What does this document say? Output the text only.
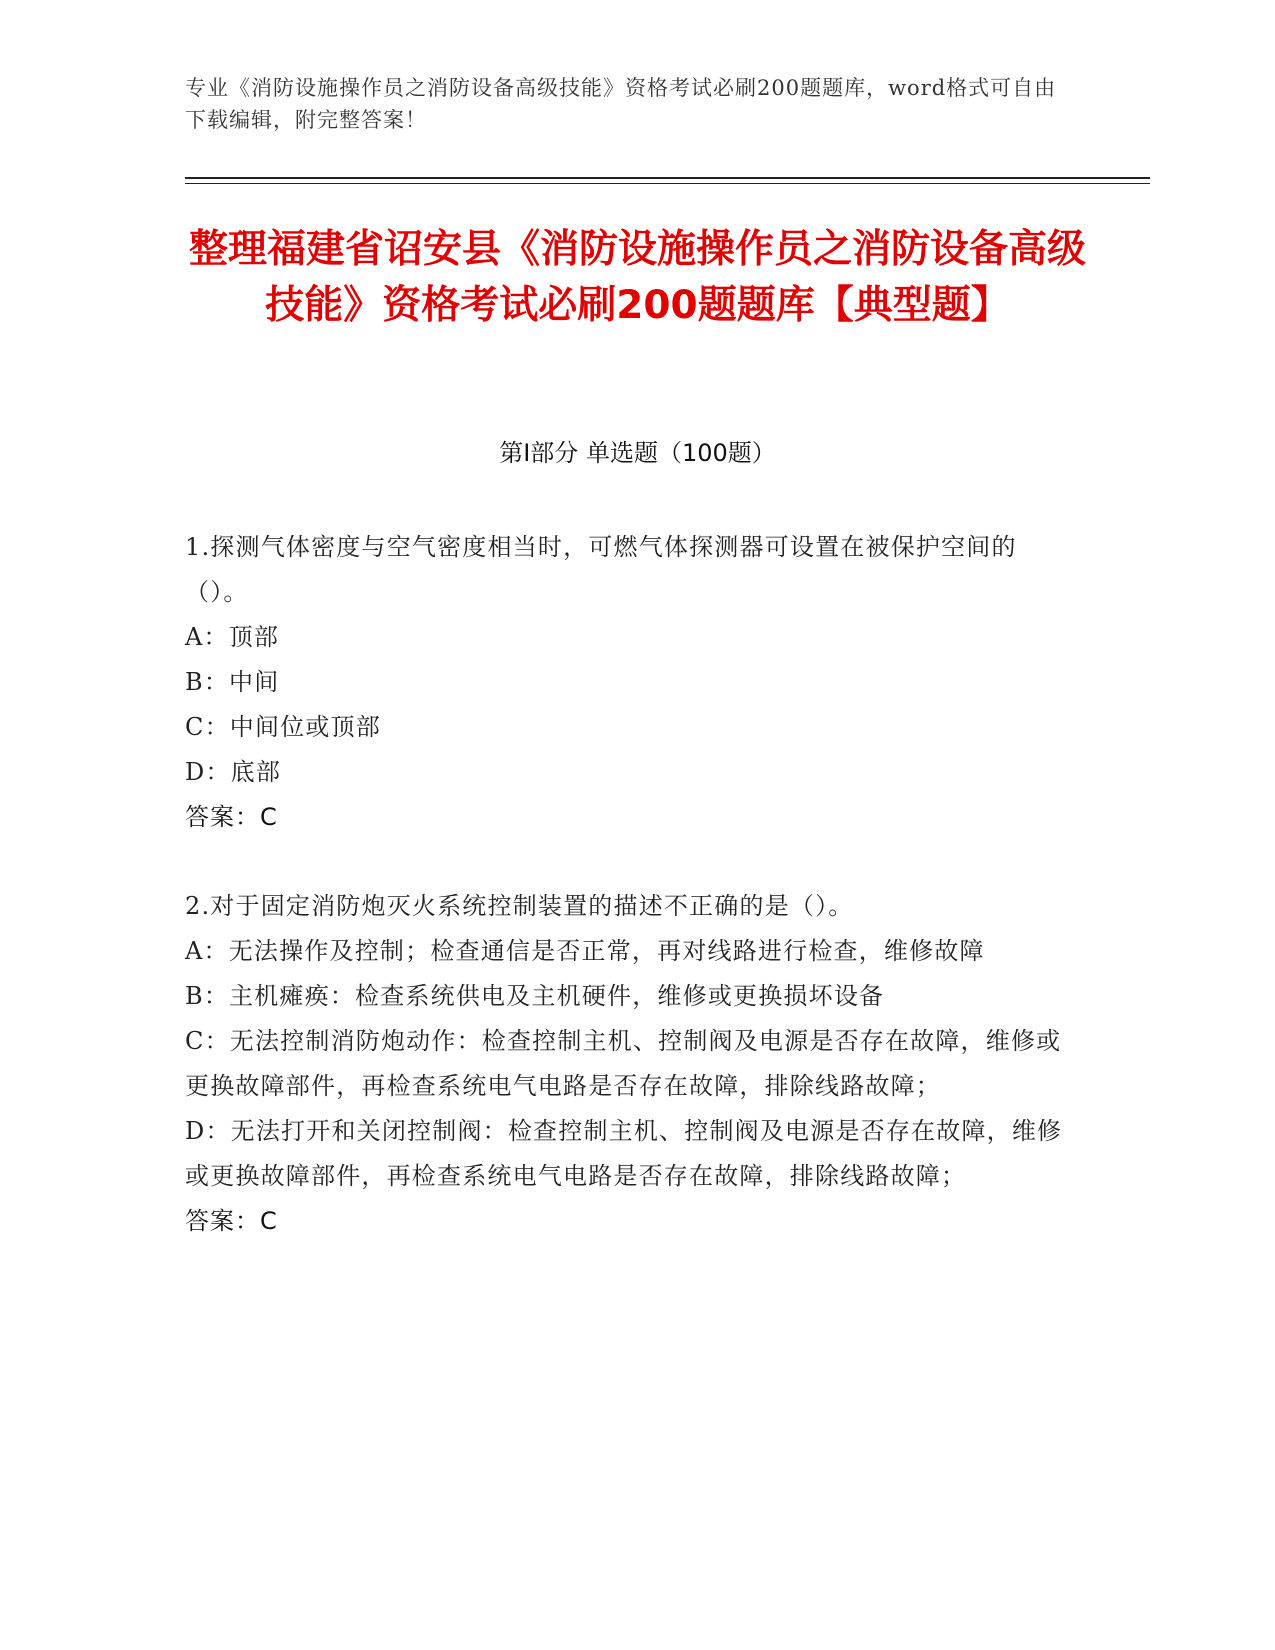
专业《消防设施操作员之消防设备高级技能》资格考试必刷200题题库，word格式可自由下载编辑，附完整答案！
整理福建省诏安县《消防设施操作员之消防设备高级技能》资格考试必刷200题题库【典型题】
第Ⅰ部分 单选题（100题）
1.探测气体密度与空气密度相当时，可燃气体探测器可设置在被保护空间的（）。
A：顶部
B：中间
C：中间位或顶部
D：底部
答案：C
2.对于固定消防炮灭火系统控制装置的描述不正确的是（）。
A：无法操作及控制；检查通信是否正常，再对线路进行检查，维修故障
B：主机瘫痪：检查系统供电及主机硬件，维修或更换损坏设备
C：无法控制消防炮动作：检查控制主机、控制阀及电源是否存在故障，维修或更换故障部件，再检查系统电气电路是否存在故障，排除线路故障；
D：无法打开和关闭控制阀：检查控制主机、控制阀及电源是否存在故障，维修或更换故障部件，再检查系统电气电路是否存在故障，排除线路故障；
答案：C
